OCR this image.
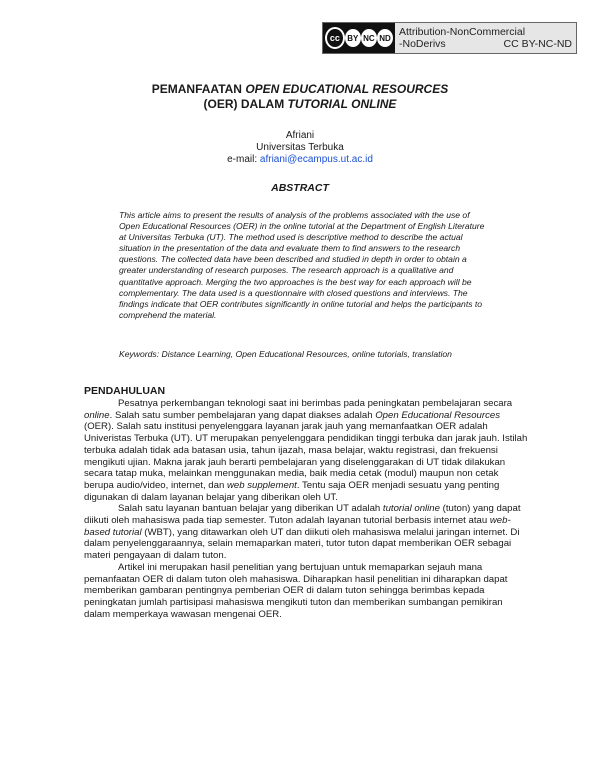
cc BY NC ND Attribution-NonCommercial
-NoDerivs	CC BY-NC-ND
PEMANFAATAN OPEN EDUCATIONAL RESOURCES
(OER) DALAM TUTORIAL ONLINE
Afriani
Universitas Terbuka
e-mail: afriani@ecampus.ut.ac.id
ABSTRACT
This article aims to present the results of analysis of the problems associated with the use of Open Educational Resources (OER) in the online tutorial at the Department of English Literature at Universitas Terbuka (UT). The method used is descriptive method to describe the actual situation in the presentation of the data and evaluate them to find answers to the research questions. The collected data have been described and studied in depth in order to obtain a greater understanding of research purposes. The research approach is a qualitative and quantitative approach. Merging the two approaches is the best way for each approach will be complementary. The data used is a questionnaire with closed questions and interviews. The findings indicate that OER contributes significantly in online tutorial and helps the participants to comprehend the material.
Keywords: Distance Learning, Open Educational Resources, online tutorials, translation
PENDAHULUAN

Pesatnya perkembangan teknologi saat ini berimbas pada peningkatan pembelajaran secara online. Salah satu sumber pembelajaran yang dapat diakses adalah Open Educational Resources (OER). Salah satu institusi penyelenggara layanan jarak jauh yang memanfaatkan OER adalah Univeristas Terbuka (UT). UT merupakan penyelenggara pendidikan tinggi terbuka dan jarak jauh. Istilah terbuka adalah tidak ada batasan usia, tahun ijazah, masa belajar, waktu registrasi, dan frekuensi mengikuti ujian. Makna jarak jauh berarti pembelajaran yang diselenggarakan di UT tidak dilakukan secara tatap muka, melainkan menggunakan media, baik media cetak (modul) maupun non cetak berupa audio/video, internet, dan web supplement. Tentu saja OER menjadi sesuatu yang penting digunakan di dalam layanan belajar yang diberikan oleh UT.

Salah satu layanan bantuan belajar yang diberikan UT adalah tutorial online (tuton) yang dapat diikuti oleh mahasiswa pada tiap semester. Tuton adalah layanan tutorial berbasis internet atau web-based tutorial (WBT), yang ditawarkan oleh UT dan diikuti oleh mahasiswa melalui jaringan internet. Di dalam penyelenggaraannya, selain memaparkan materi, tutor tuton dapat memberikan OER sebagai materi pengayaan di dalam tuton.

Artikel ini merupakan hasil penelitian yang bertujuan untuk memaparkan sejauh mana pemanfaatan OER di dalam tuton oleh mahasiswa. Diharapkan hasil penelitian ini diharapkan dapat memberikan gambaran pentingnya pemberian OER di dalam tuton sehingga berimbas kepada peningkatan jumlah partisipasi mahasiswa mengikuti tuton dan memberikan sumbangan pemikiran dalam memperkaya wawasan mengenai OER.
